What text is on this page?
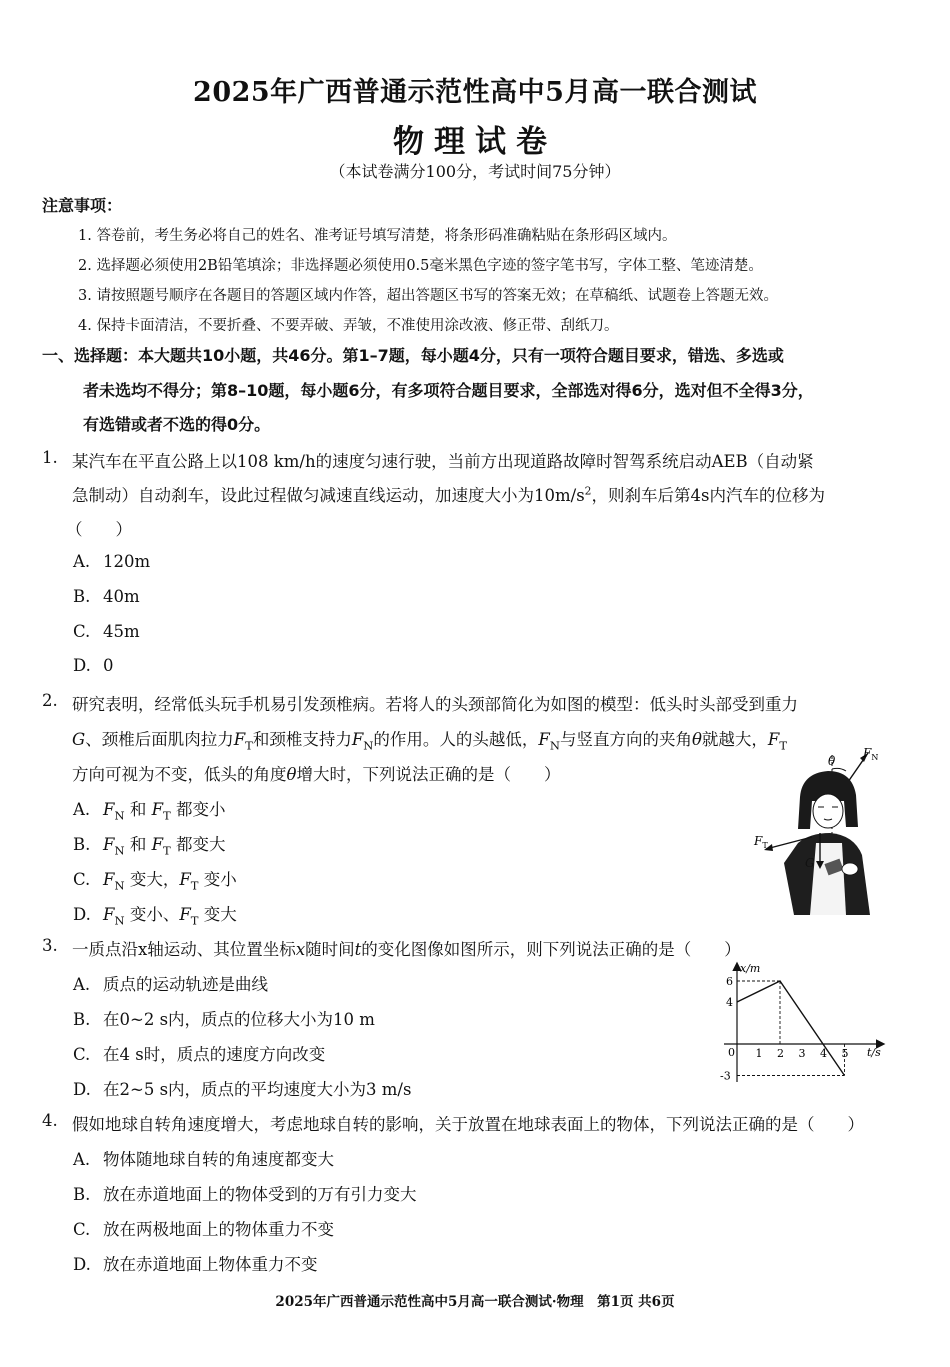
2025年广西普通示范性高中5月高一联合测试
物理试卷
（本试卷满分100分，考试时间75分钟）
注意事项：
1. 答卷前，考生务必将自己的姓名、准考证号填写清楚，将条形码准确粘贴在条形码区域内。
2. 选择题必须使用2B铅笔填涂；非选择题必须使用0.5毫米黑色字迹的签字笔书写，字体工整、笔迹清楚。
3. 请按照题号顺序在各题目的答题区域内作答，超出答题区书写的答案无效；在草稿纸、试题卷上答题无效。
4. 保持卡面清洁，不要折叠、不要弄破、弄皱，不准使用涂改液、修正带、刮纸刀。
一、选择题：本大题共10小题，共46分。第1–7题，每小题4分，只有一项符合题目要求，错选、多选或
者未选均不得分；第8–10题，每小题6分，有多项符合题目要求，全部选对得6分，选对但不全得3分，
有选错或者不选的得0分。
1. 某汽车在平直公路上以108 km/h的速度匀速行驶，当前方出现道路故障时智驾系统启动AEB（自动紧
急制动）自动刹车，设此过程做匀减速直线运动，加速度大小为$10m/s^2$，则刹车后第4s内汽车的位移为
（　　）
A. 120m
B. 40m
C. 45m
D. 0
2. 研究表明，经常低头玩手机易引发颈椎病。若将人的头颈部简化为如图的模型：低头时头部受到重力
G、颈椎后面肌肉拉力$F_T$和颈椎支持力$F_N$的作用。人的头越低，$F_N$与竖直方向的夹角θ就越大，$F_T$
方向可视为不变，低头的角度θ增大时，下列说法正确的是（　　）
A. $F_N$ 和 $F_T$ 都变小
B. $F_N$ 和 $F_T$ 都变大
C. $F_N$ 变大，$F_T$ 变小
D. $F_N$ 变小、$F_T$ 变大
θ
$F_N$
G
$F_T$
3. 一质点沿x轴运动、其位置坐标x随时间t的变化图像如图所示，则下列说法正确的是（　　）
A. 质点的运动轨迹是曲线
B. 在0~2 s内，质点的位移大小为10 m
C. 在4 s时，质点的速度方向改变
D. 在2~5 s内，质点的平均速度大小为3 m/s
x/m
t/s
0 1 2 3 4 5
6
4
-3
4. 假如地球自转角速度增大，考虑地球自转的影响，关于放置在地球表面上的物体，下列说法正确的是（　　）
A. 物体随地球自转的角速度都变大
B. 放在赤道地面上的物体受到的万有引力变大
C. 放在两极地面上的物体重力不变
D. 放在赤道地面上物体重力不变
2025年广西普通示范性高中5月高一联合测试·物理　第1页 共6页
